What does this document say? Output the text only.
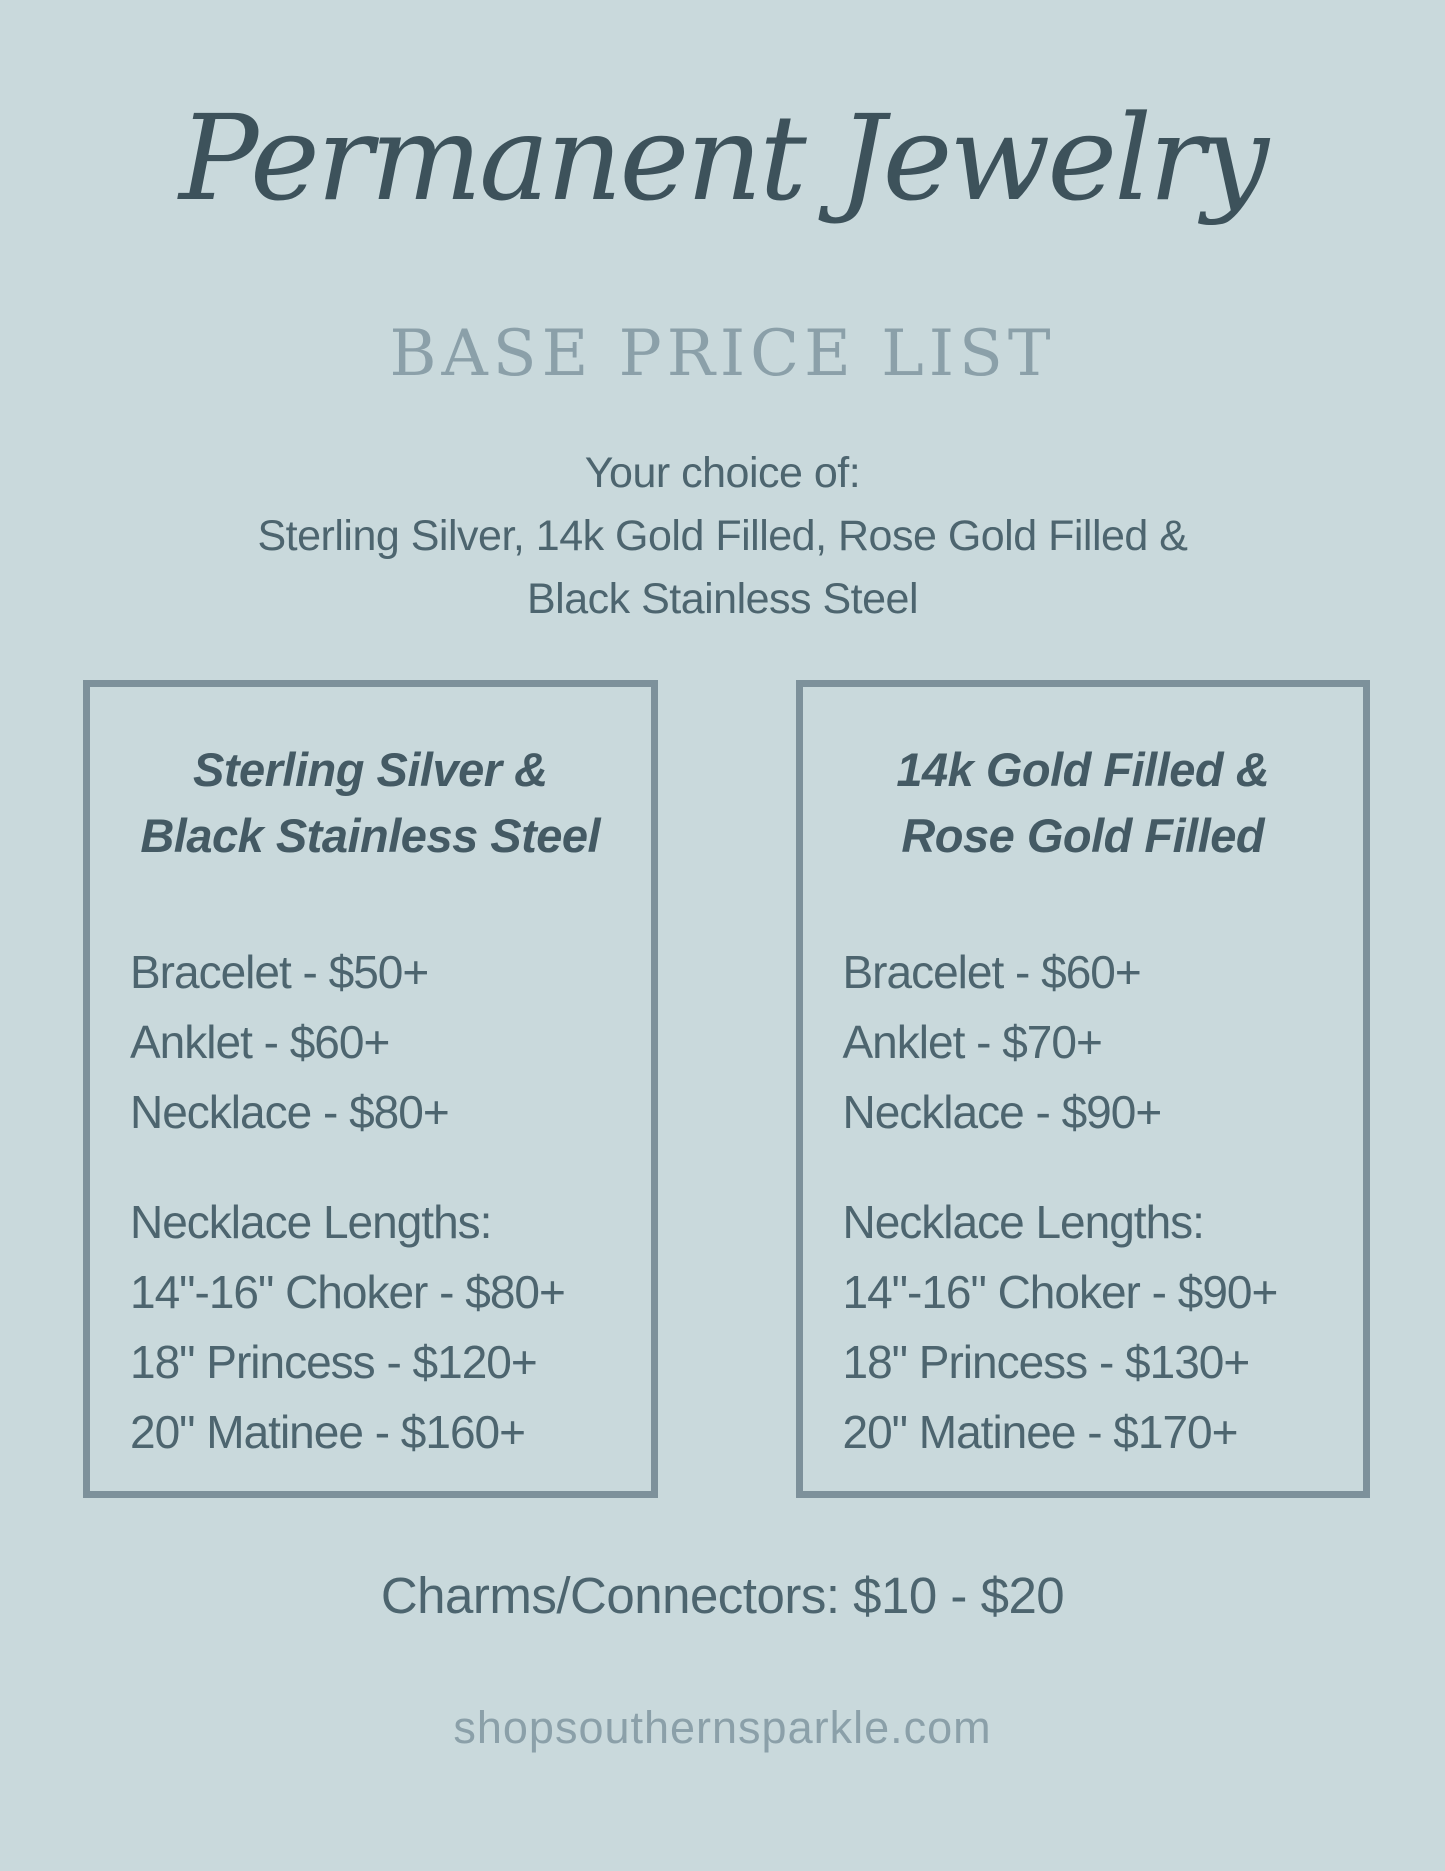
Permanent Jewelry
BASE PRICE LIST
Your choice of:
Sterling Silver, 14k Gold Filled, Rose Gold Filled &
Black Stainless Steel
Sterling Silver &
Black Stainless Steel
Bracelet - $50+
Anklet - $60+
Necklace - $80+
Necklace Lengths:
14"-16" Choker - $80+
18" Princess - $120+
20" Matinee - $160+
14k Gold Filled &
Rose Gold Filled
Bracelet - $60+
Anklet - $70+
Necklace - $90+
Necklace Lengths:
14"-16" Choker - $90+
18" Princess - $130+
20" Matinee - $170+
Charms/Connectors: $10 - $20
shopsouthernsparkle.com
